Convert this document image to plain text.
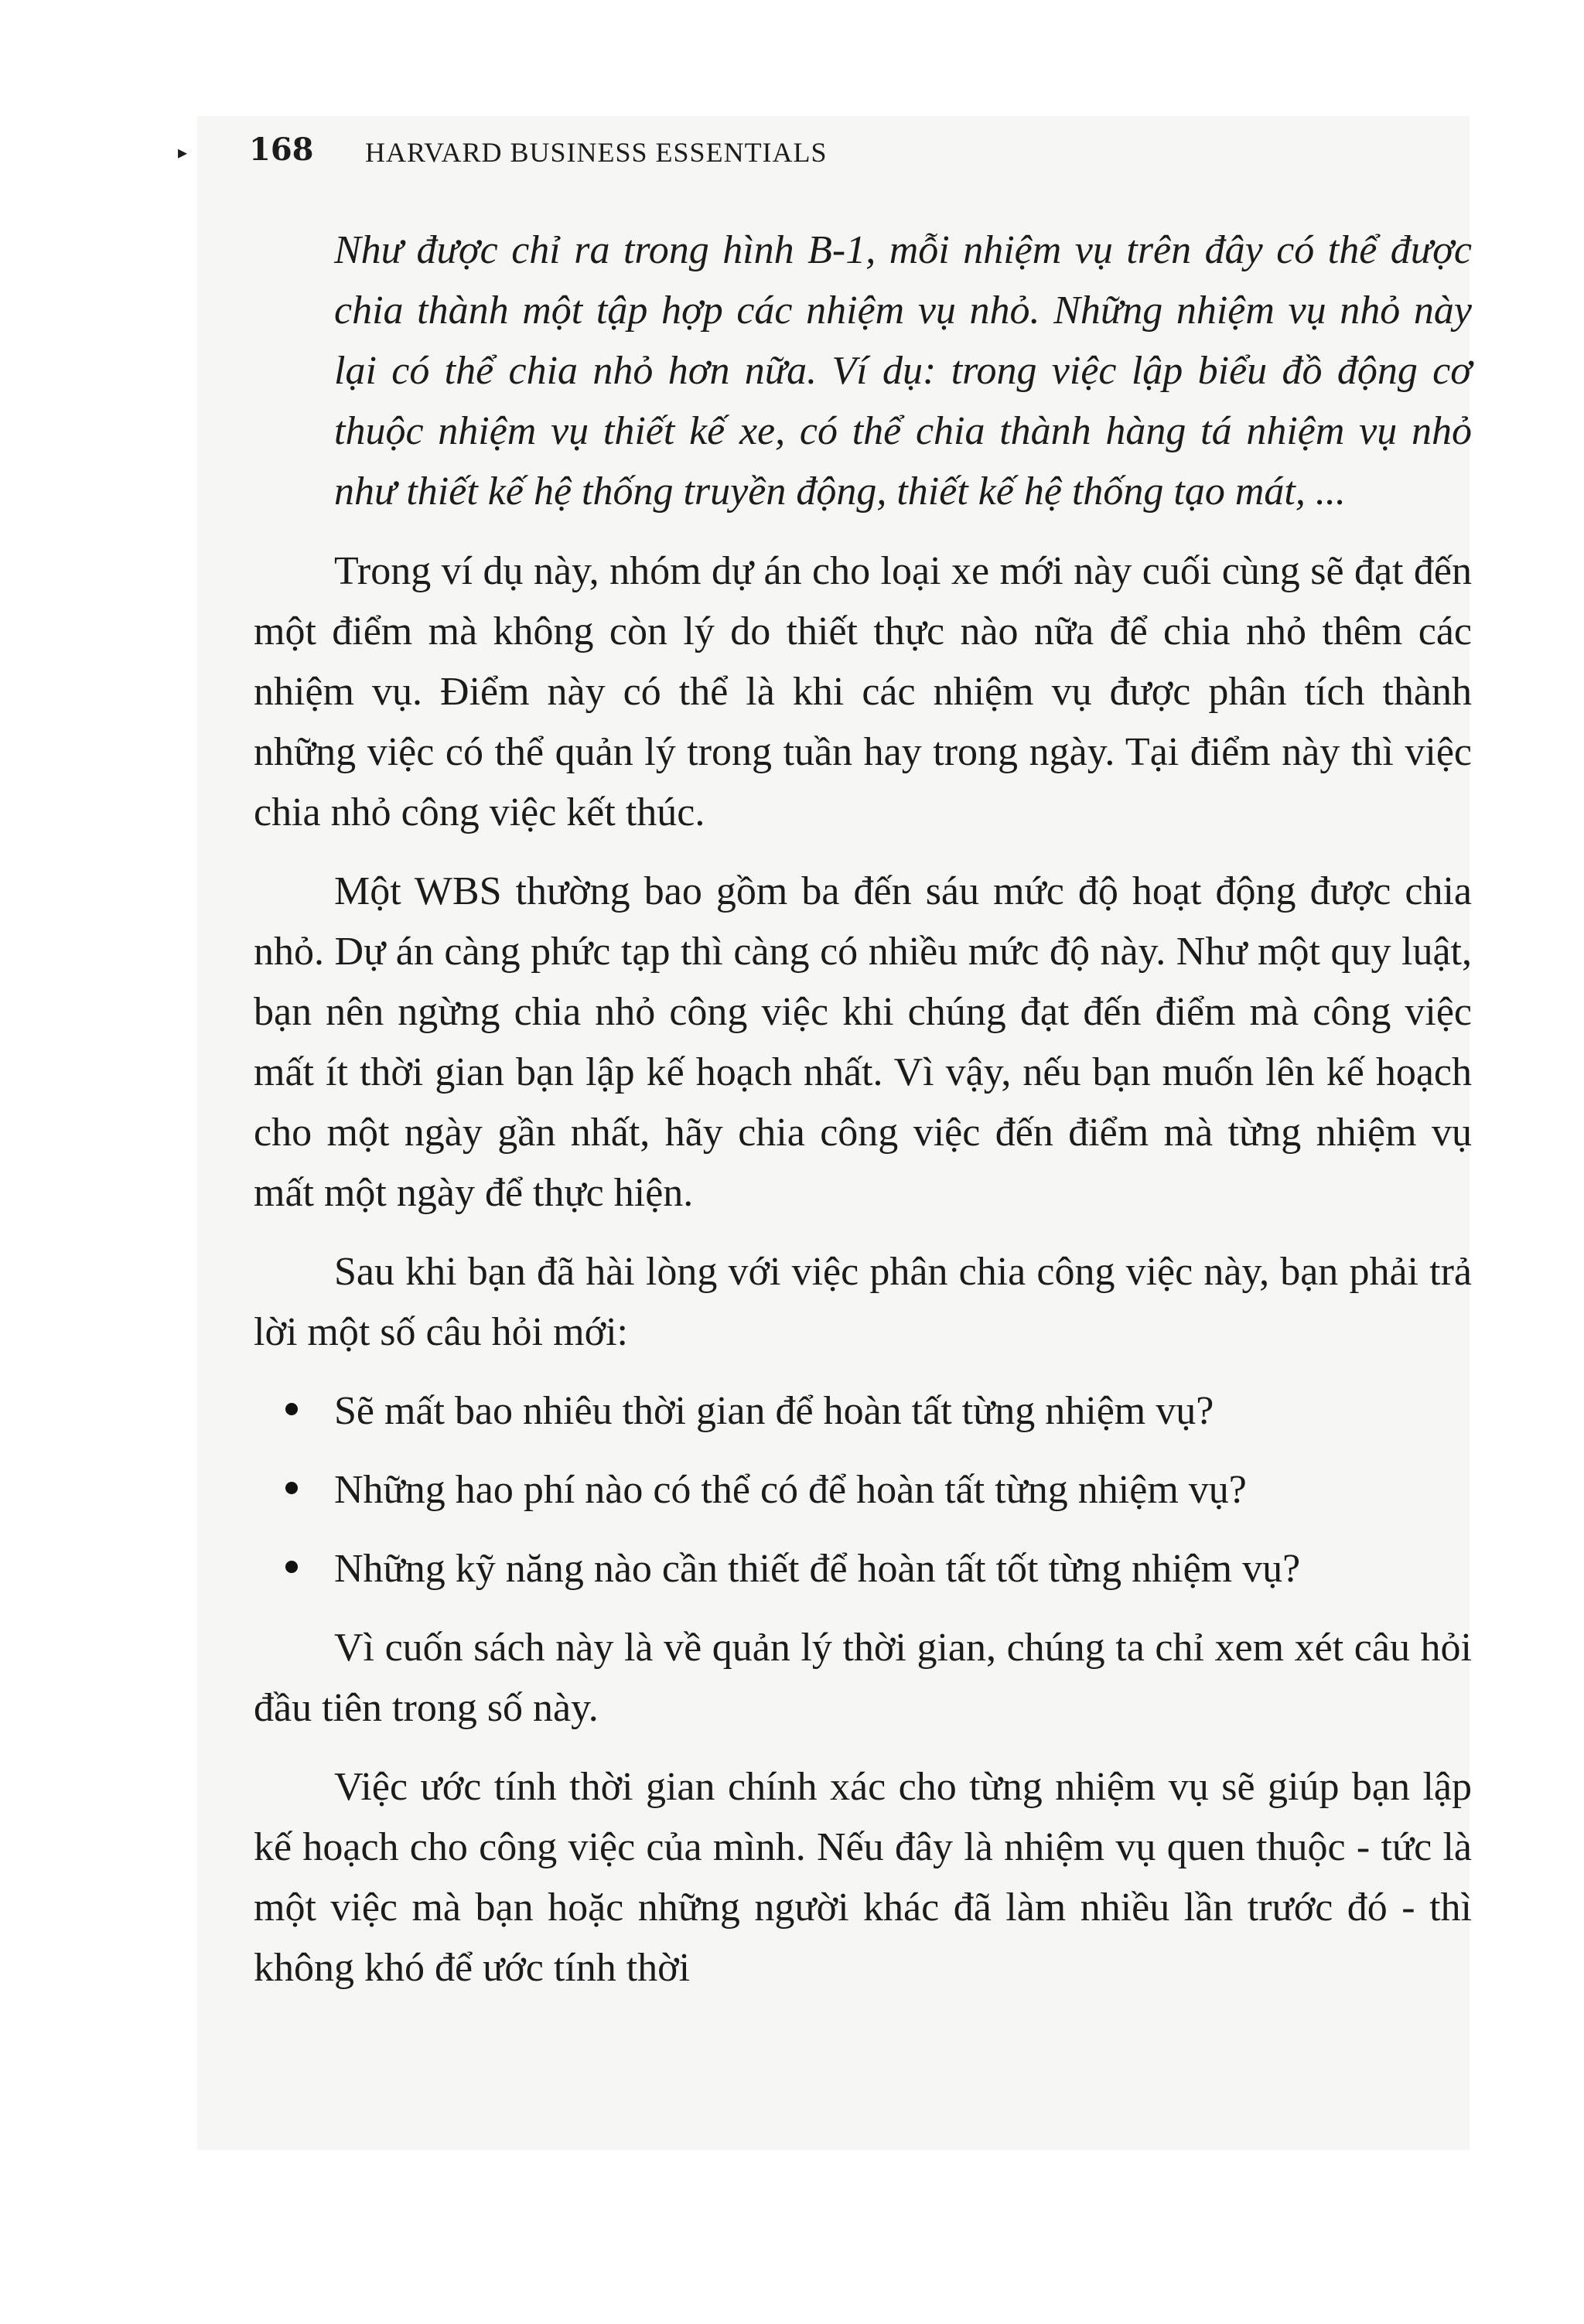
▸ 168 HARVARD BUSINESS ESSENTIALS

Như được chỉ ra trong hình B-1, mỗi nhiệm vụ trên đây có thể được chia thành một tập hợp các nhiệm vụ nhỏ. Những nhiệm vụ nhỏ này lại có thể chia nhỏ hơn nữa. Ví dụ: trong việc lập biểu đồ động cơ thuộc nhiệm vụ thiết kế xe, có thể chia thành hàng tá nhiệm vụ nhỏ như thiết kế hệ thống truyền động, thiết kế hệ thống tạo mát, ...

Trong ví dụ này, nhóm dự án cho loại xe mới này cuối cùng sẽ đạt đến một điểm mà không còn lý do thiết thực nào nữa để chia nhỏ thêm các nhiệm vụ. Điểm này có thể là khi các nhiệm vụ được phân tích thành những việc có thể quản lý trong tuần hay trong ngày. Tại điểm này thì việc chia nhỏ công việc kết thúc.

Một WBS thường bao gồm ba đến sáu mức độ hoạt động được chia nhỏ. Dự án càng phức tạp thì càng có nhiều mức độ này. Như một quy luật, bạn nên ngừng chia nhỏ công việc khi chúng đạt đến điểm mà công việc mất ít thời gian bạn lập kế hoạch nhất. Vì vậy, nếu bạn muốn lên kế hoạch cho một ngày gần nhất, hãy chia công việc đến điểm mà từng nhiệm vụ mất một ngày để thực hiện.

Sau khi bạn đã hài lòng với việc phân chia công việc này, bạn phải trả lời một số câu hỏi mới:

Sẽ mất bao nhiêu thời gian để hoàn tất từng nhiệm vụ?
Những hao phí nào có thể có để hoàn tất từng nhiệm vụ?
Những kỹ năng nào cần thiết để hoàn tất tốt từng nhiệm vụ?

Vì cuốn sách này là về quản lý thời gian, chúng ta chỉ xem xét câu hỏi đầu tiên trong số này.

Việc ước tính thời gian chính xác cho từng nhiệm vụ sẽ giúp bạn lập kế hoạch cho công việc của mình. Nếu đây là nhiệm vụ quen thuộc - tức là một việc mà bạn hoặc những người khác đã làm nhiều lần trước đó - thì không khó để ước tính thời
